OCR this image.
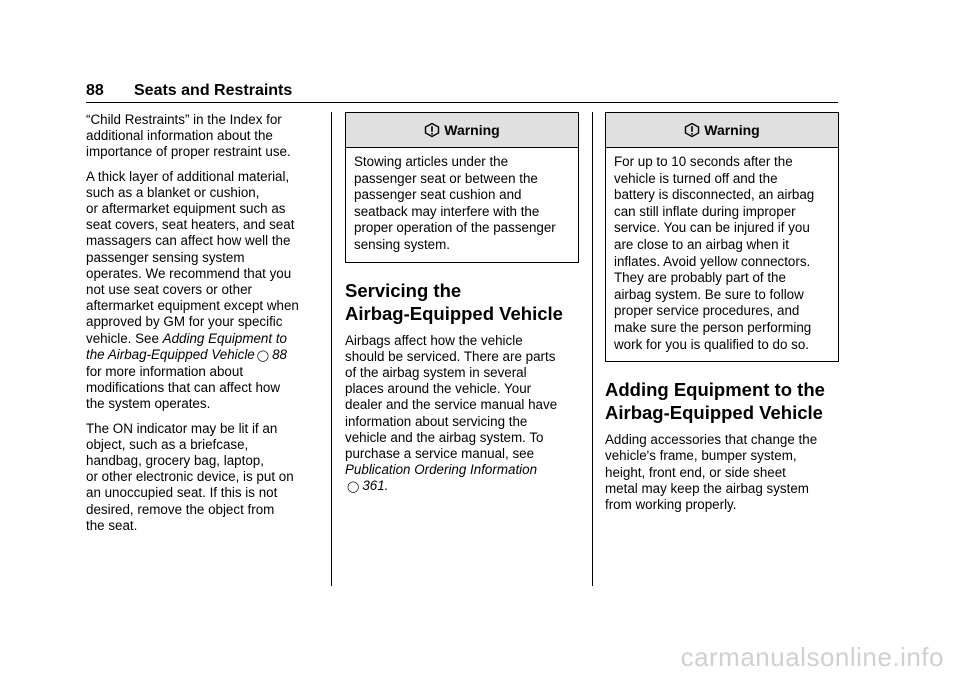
88 Seats and Restraints

“Child Restraints” in the Index for
additional information about the
importance of proper restraint use.

A thick layer of additional material,
such as a blanket or cushion,
or aftermarket equipment such as
seat covers, seat heaters, and seat
massagers can affect how well the
passenger sensing system
operates. We recommend that you
not use seat covers or other
aftermarket equipment except when
approved by GM for your specific
vehicle. See Adding Equipment to
the Airbag-Equipped Vehicle ◯ 88
for more information about
modifications that can affect how
the system operates.

The ON indicator may be lit if an
object, such as a briefcase,
handbag, grocery bag, laptop,
or other electronic device, is put on
an unoccupied seat. If this is not
desired, remove the object from
the seat.

Warning
Stowing articles under the
passenger seat or between the
passenger seat cushion and
seatback may interfere with the
proper operation of the passenger
sensing system.
Servicing the
Airbag-Equipped Vehicle

Airbags affect how the vehicle
should be serviced. There are parts
of the airbag system in several
places around the vehicle. Your
dealer and the service manual have
information about servicing the
vehicle and the airbag system. To
purchase a service manual, see
Publication Ordering Information
◯ 361.

Warning
For up to 10 seconds after the
vehicle is turned off and the
battery is disconnected, an airbag
can still inflate during improper
service. You can be injured if you
are close to an airbag when it
inflates. Avoid yellow connectors.
They are probably part of the
airbag system. Be sure to follow
proper service procedures, and
make sure the person performing
work for you is qualified to do so.
Adding Equipment to the
Airbag-Equipped Vehicle

Adding accessories that change the
vehicle's frame, bumper system,
height, front end, or side sheet
metal may keep the airbag system
from working properly.

carmanualsonline.info
